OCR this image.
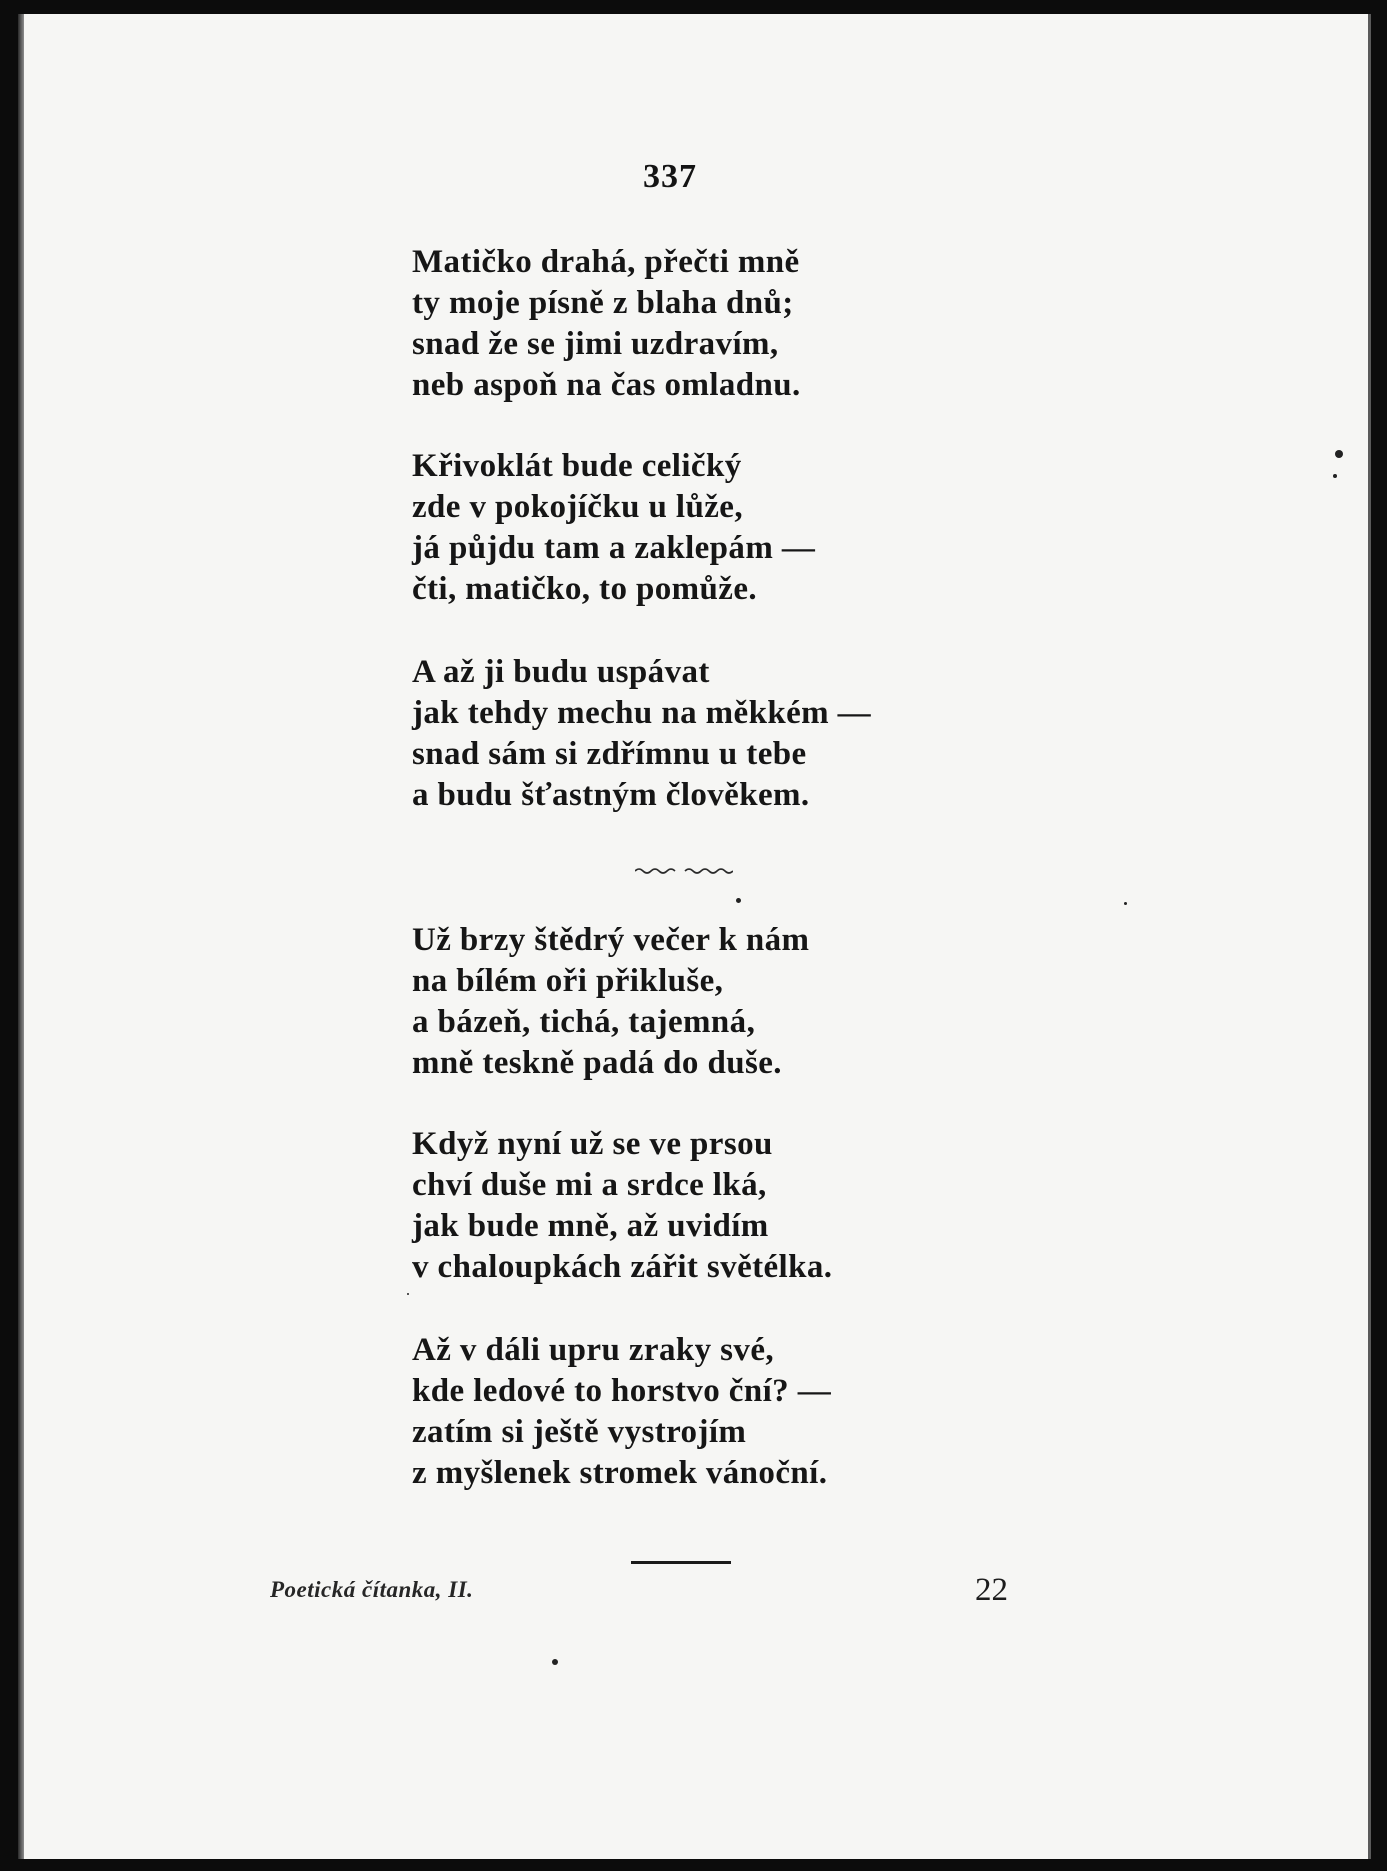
337
Matičko drahá, přečti mně
ty moje písně z blaha dnů;
snad že se jimi uzdravím,
neb aspoň na čas omladnu.
Křivoklát bude celičký
zde v pokojíčku u lůže,
já půjdu tam a zaklepám —
čti, matičko, to pomůže.
A až ji budu uspávat
jak tehdy mechu na měkkém —
snad sám si zdřímnu u tebe
a budu šťastným člověkem.
Už brzy štědrý večer k nám
na bílém oři přikluše,
a bázeň, tichá, tajemná,
mně teskně padá do duše.
Když nyní už se ve prsou
chví duše mi a srdce lká,
jak bude mně, až uvidím
v chaloupkách zářit světélka.
Až v dáli upru zraky své,
kde ledové to horstvo ční? —
zatím si ještě vystrojím
z myšlenek stromek vánoční.
Poetická čítanka, II.	22
